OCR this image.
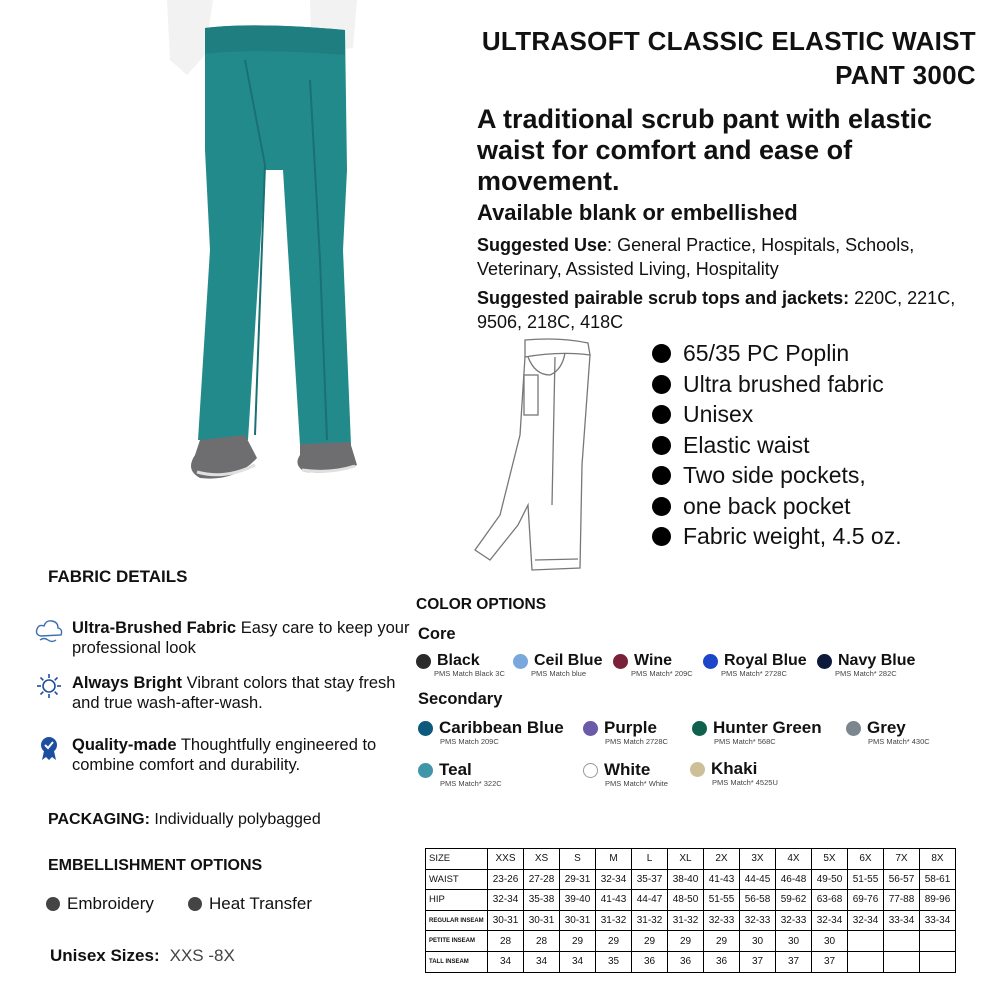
ULTRASOFT CLASSIC ELASTIC WAIST PANT 300C
A traditional scrub pant with elastic waist for comfort and ease of movement.
Available blank or embellished
Suggested Use: General Practice, Hospitals, Schools, Veterinary, Assisted Living, Hospitality
Suggested pairable scrub tops and jackets: 220C, 221C, 9506, 218C, 418C
65/35 PC Poplin
Ultra brushed fabric
Unisex
Elastic waist
Two side pockets,
one back pocket
Fabric weight, 4.5 oz.
FABRIC DETAILS
Ultra-Brushed Fabric Easy care to keep your professional look
Always Bright Vibrant colors that stay fresh and true wash-after-wash.
Quality-made Thoughtfully engineered to combine comfort and durability.
PACKAGING: Individually polybagged
EMBELLISHMENT OPTIONS
Embroidery	Heat Transfer
Unisex Sizes: XXS -8X
COLOR OPTIONS
Core
Secondary
Black
PMS Match Black 3C
Ceil Blue
PMS Match blue
Wine
PMS Match* 209C
Royal Blue
PMS Match* 2728C
Navy Blue
PMS Match* 282C
Caribbean Blue
PMS Match 209C
Purple
PMS Match 2728C
Hunter Green
PMS Match* 568C
Grey
PMS Match* 430C
Teal
PMS Match* 322C
White
PMS Match* White
Khaki
PMS Match* 4525U
SIZE	XXS	XS	S	M	L	XL	2X	3X	4X	5X	6X	7X	8X
WAIST	23-26	27-28	29-31	32-34	35-37	38-40	41-43	44-45	46-48	49-50	51-55	56-57	58-61
HIP	32-34	35-38	39-40	41-43	44-47	48-50	51-55	56-58	59-62	63-68	69-76	77-88	89-96
REGULAR INSEAM	30-31	30-31	30-31	31-32	31-32	31-32	32-33	32-33	32-33	32-34	32-34	33-34	33-34
PETITE INSEAM	28	28	29	29	29	29	29	30	30	30			
TALL INSEAM	34	34	34	35	36	36	36	37	37	37			
